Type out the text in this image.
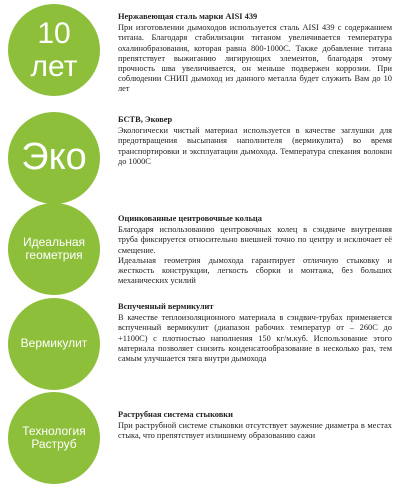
10
лет
Нержавеющая сталь марки AISI 439

При изготовлении дымоходов используется сталь AISI 439 с содержанием титана. Благодаря стабилизации титаном увеличивается температура охалинобразования, которая равна 800-1000С. Также добавление титана препятствует выжиганию лигирующих элементов, благодаря этому прочность шва увеличивается, он меньше подвержен коррозии. При соблюдении СНИП дымоход из данного металла будет служить Вам до 10 лет

Эко
БСТВ, Эковер

Экологически чистый материал используется в качестве заглушки для предотвращения высыпания наполнителя (вермикулита) во время транспортировки и эксплуатации дымохода. Температура спекания волокон до 1000С

Идеальная
геометрия
Оцинкованные центровочные кольца

Благодаря использованию центровочных колец в сэндвиче внутренняя труба фиксируется относительно внешней точно по центру и исключает её смещение.

Идеальная геометрия дымохода гарантирует отличную стыковку и жесткость конструкции, легкость сборки и монтажа, без больших механических усилий

Вермикулит
Вспученный вермикулит

В качестве теплоизоляционного материала в сэндвич-трубах применяется вспученный вермикулит (диапазон рабочих температур от – 260С до +1100С) с плотностью наполнения 150 кг/м.куб. Использование этого материала позволяет снизить конденсатообразование в несколько раз, тем самым улучшается тяга внутри дымохода

Технология
Раструб
Раструбная система стыковки

При раструбной системе стыковки отсутствует заужение диаметра в местах стыка, что препятствует излишнему образованию сажи
